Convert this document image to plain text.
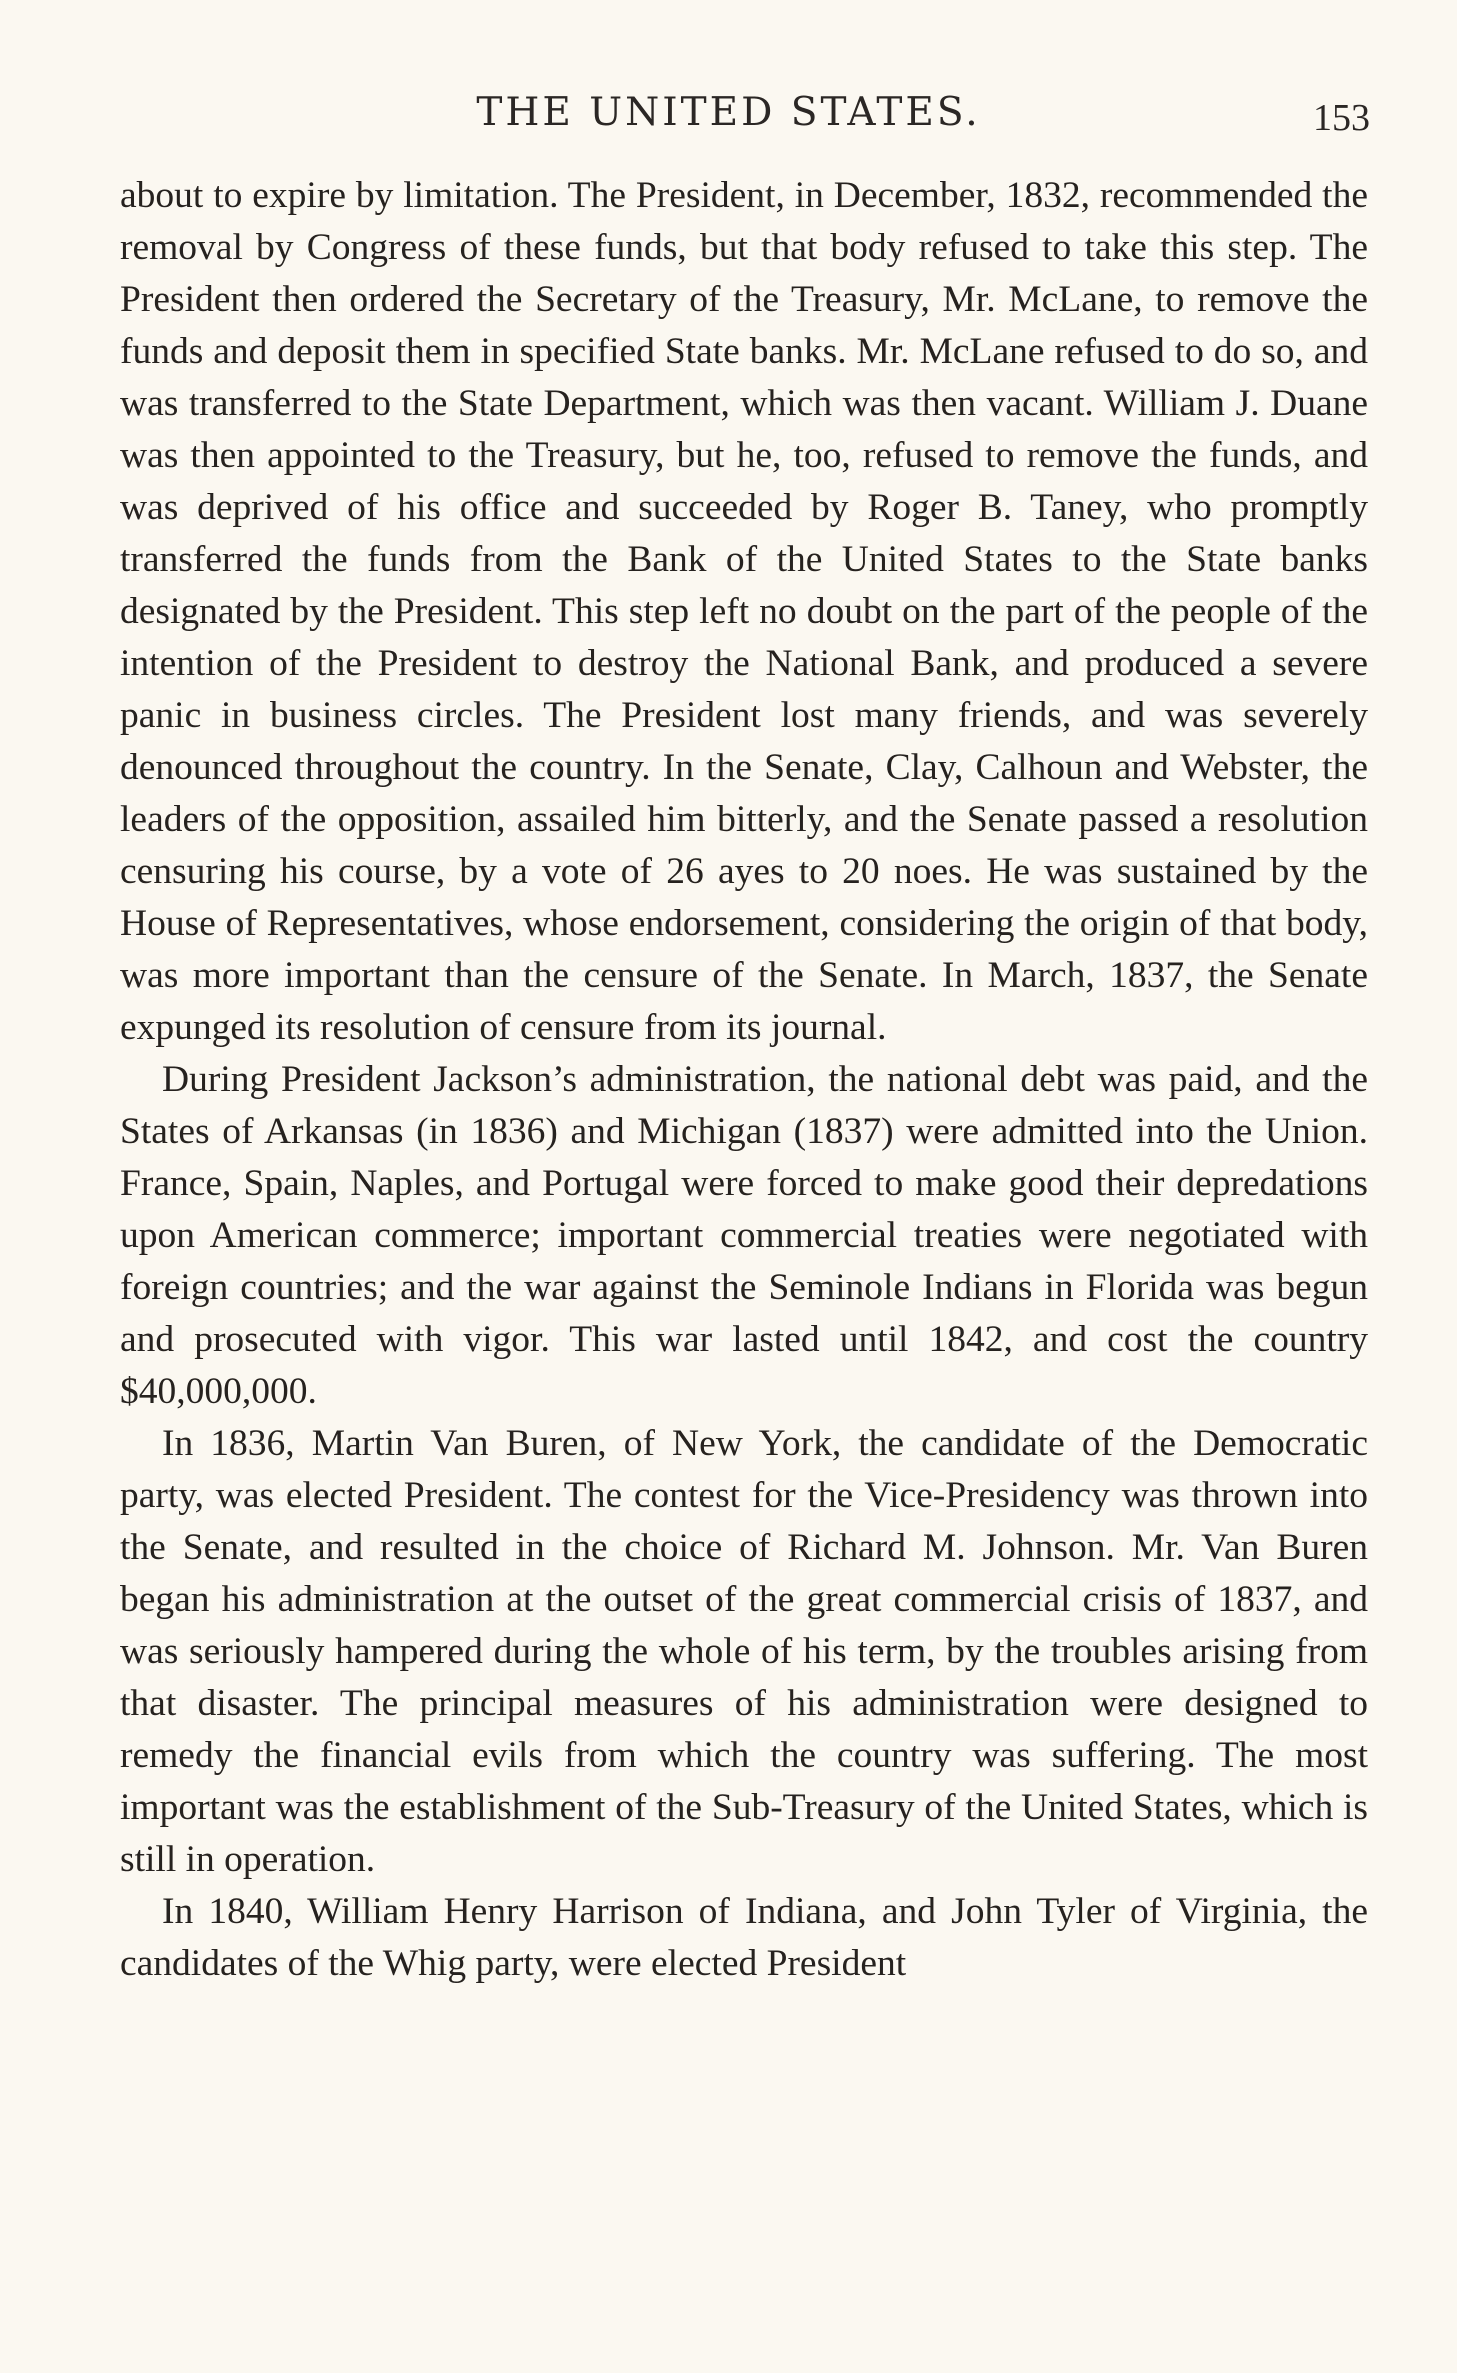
THE UNITED STATES.	153

about to expire by limitation. The President, in December, 1832, recommended the removal by Congress of these funds, but that body refused to take this step. The President then ordered the Secretary of the Treasury, Mr. McLane, to remove the funds and deposit them in specified State banks. Mr. McLane refused to do so, and was transferred to the State Department, which was then vacant. William J. Duane was then appointed to the Treasury, but he, too, refused to remove the funds, and was deprived of his office and succeeded by Roger B. Taney, who promptly transferred the funds from the Bank of the United States to the State banks designated by the President. This step left no doubt on the part of the people of the intention of the President to destroy the National Bank, and produced a severe panic in business circles. The President lost many friends, and was severely denounced throughout the country. In the Senate, Clay, Calhoun and Webster, the leaders of the opposition, assailed him bitterly, and the Senate passed a resolution censuring his course, by a vote of 26 ayes to 20 noes. He was sustained by the House of Representatives, whose endorsement, considering the origin of that body, was more important than the censure of the Senate. In March, 1837, the Senate expunged its resolution of censure from its journal.

During President Jackson’s administration, the national debt was paid, and the States of Arkansas (in 1836) and Michigan (1837) were admitted into the Union. France, Spain, Naples, and Portugal were forced to make good their depredations upon American commerce; important commercial treaties were negotiated with foreign countries; and the war against the Seminole Indians in Florida was begun and prosecuted with vigor. This war lasted until 1842, and cost the country $40,000,000.

In 1836, Martin Van Buren, of New York, the candidate of the Democratic party, was elected President. The contest for the Vice-Presidency was thrown into the Senate, and resulted in the choice of Richard M. Johnson. Mr. Van Buren began his administration at the outset of the great commercial crisis of 1837, and was seriously hampered during the whole of his term, by the troubles arising from that disaster. The principal measures of his administration were designed to remedy the financial evils from which the country was suffering. The most important was the establishment of the Sub-Treasury of the United States, which is still in operation.

In 1840, William Henry Harrison of Indiana, and John Tyler of Virginia, the candidates of the Whig party, were elected President
